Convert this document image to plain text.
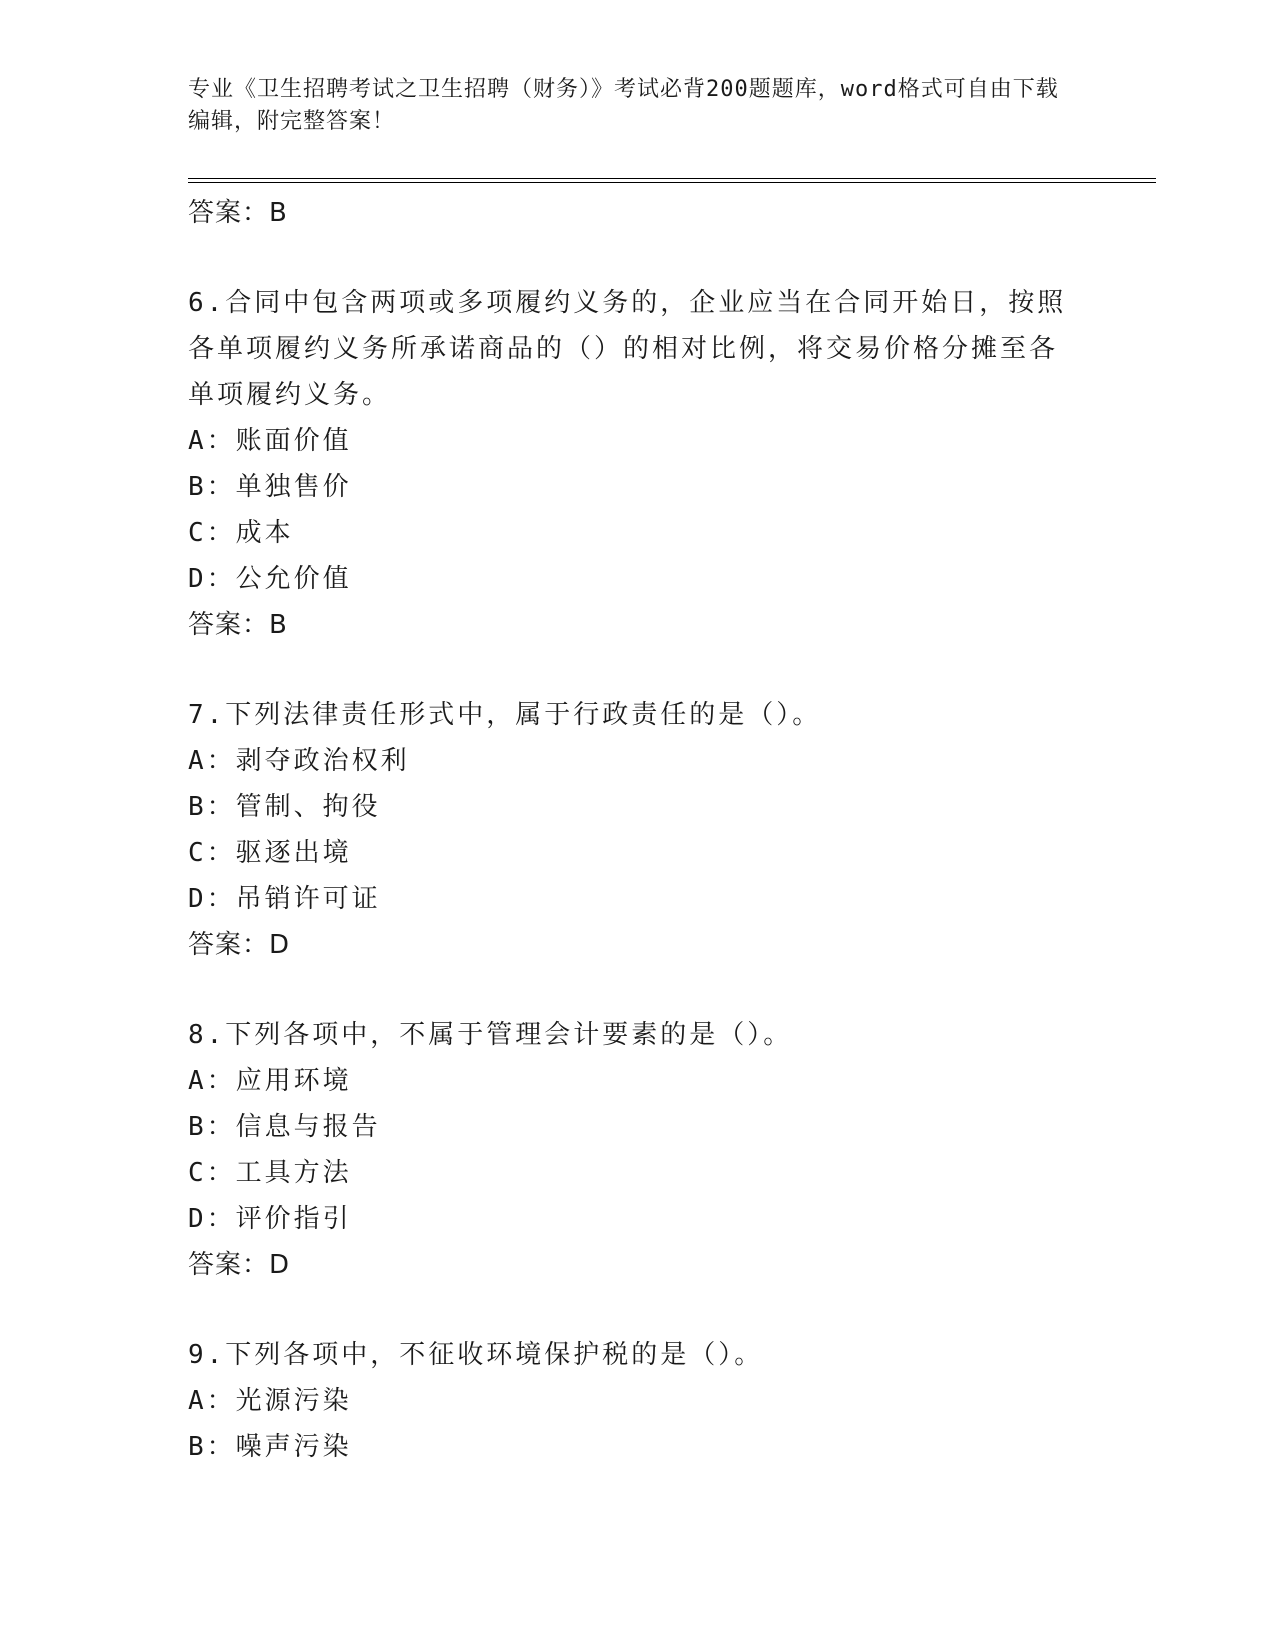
专业《卫生招聘考试之卫生招聘（财务）》考试必背200题题库，word格式可自由下载编辑，附完整答案！
答案：B
6.合同中包含两项或多项履约义务的，企业应当在合同开始日，按照各单项履约义务所承诺商品的（）的相对比例，将交易价格分摊至各单项履约义务。
A：账面价值
B：单独售价
C：成本
D：公允价值
答案：B
7.下列法律责任形式中，属于行政责任的是（）。
A：剥夺政治权利
B：管制、拘役
C：驱逐出境
D：吊销许可证
答案：D
8.下列各项中，不属于管理会计要素的是（）。
A：应用环境
B：信息与报告
C：工具方法
D：评价指引
答案：D
9.下列各项中，不征收环境保护税的是（）。
A：光源污染
B：噪声污染
